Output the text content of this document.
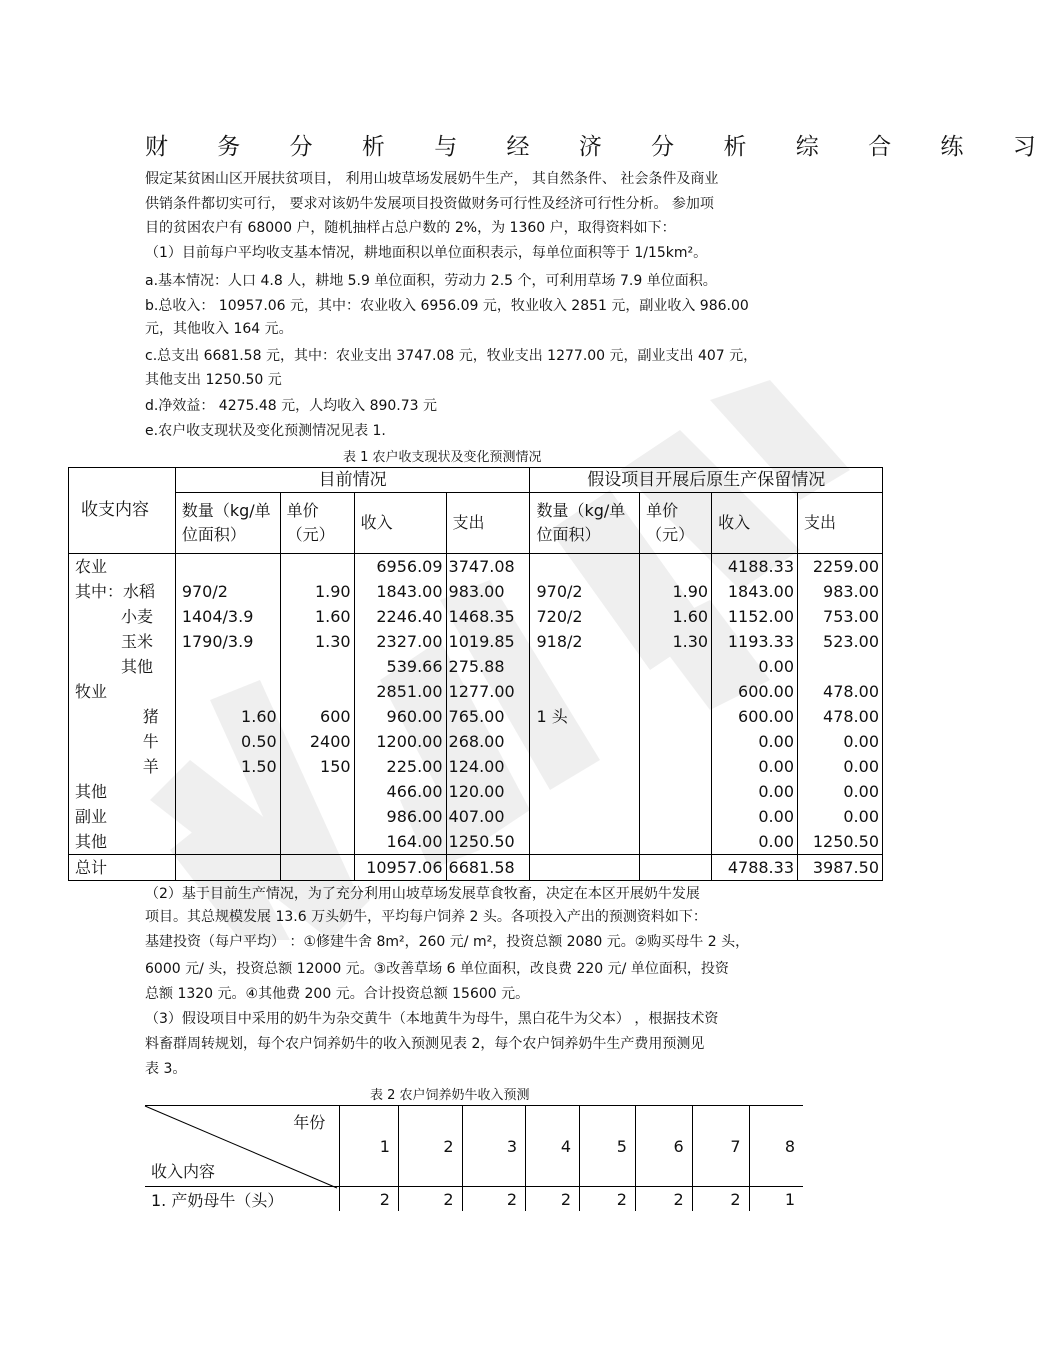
财 务 分 析 与 经 济 分 析 综 合 练 习
假定某贫困山区开展扶贫项目， 利用山坡草场发展奶牛生产， 其自然条件、 社会条件及商业
供销条件都切实可行， 要求对该奶牛发展项目投资做财务可行性及经济可行性分析。 参加项
目的贫困农户有 68000 户，随机抽样占总户数的 2%，为 1360 户，取得资料如下：
（1）目前每户平均收支基本情况，耕地面积以单位面积表示，每单位面积等于 1/15km²。
a.基本情况：人口 4.8 人，耕地 5.9 单位面积，劳动力 2.5 个，可利用草场 7.9 单位面积。
b.总收入： 10957.06 元，其中：农业收入 6956.09 元，牧业收入 2851 元，副业收入 986.00
元，其他收入 164 元。
c.总支出 6681.58 元，其中：农业支出 3747.08 元，牧业支出 1277.00 元，副业支出 407 元，
其他支出 1250.50 元
d.净效益： 4275.48 元，人均收入 890.73 元
e.农户收支现状及变化预测情况见表 1.
表 1 农户收支现状及变化预测情况
收支内容	目前情况				假设项目开展后原生产保留情况			
	数量（kg/单位面积）	单价（元）	收入	支出	数量（kg/单位面积）	单价（元）	收入	支出
农业			6956.09	3747.08			4188.33	2259.00
其中：水稻	970/2	1.90	1843.00	983.00	970/2	1.90	1843.00	983.00
小麦	1404/3.9	1.60	2246.40	1468.35	720/2	1.60	1152.00	753.00
玉米	1790/3.9	1.30	2327.00	1019.85	918/2	1.30	1193.33	523.00
其他			539.66	275.88			0.00	
牧业			2851.00	1277.00			600.00	478.00
猪	1.60	600	960.00	765.00	1 头		600.00	478.00
牛	0.50	2400	1200.00	268.00			0.00	0.00
羊	1.50	150	225.00	124.00			0.00	0.00
其他			466.00	120.00			0.00	0.00
副业			986.00	407.00			0.00	0.00
其他			164.00	1250.50			0.00	1250.50
总计			10957.06	6681.58			4788.33	3987.50
（2）基于目前生产情况，为了充分利用山坡草场发展草食牧畜，决定在本区开展奶牛发展
项目。其总规模发展 13.6 万头奶牛，平均每户饲养 2 头。各项投入产出的预测资料如下：
基建投资（每户平均） ：①修建牛舍 8m²，260 元/ m²，投资总额 2080 元。②购买母牛 2 头，
6000 元/ 头，投资总额 12000 元。③改善草场 6 单位面积，改良费 220 元/ 单位面积，投资
总额 1320 元。④其他费 200 元。合计投资总额 15600 元。
（3）假设项目中采用的奶牛为杂交黄牛（本地黄牛为母牛，黑白花牛为父本） ，根据技术资
料畜群周转规划，每个农户饲养奶牛的收入预测见表 2，每个农户饲养奶牛生产费用预测见
表 3。
表 2 农户饲养奶牛收入预测
年份
收入内容	1	2	3	4	5	6	7	8
1. 产奶母牛（头）	2	2	2	2	2	2	2	1
